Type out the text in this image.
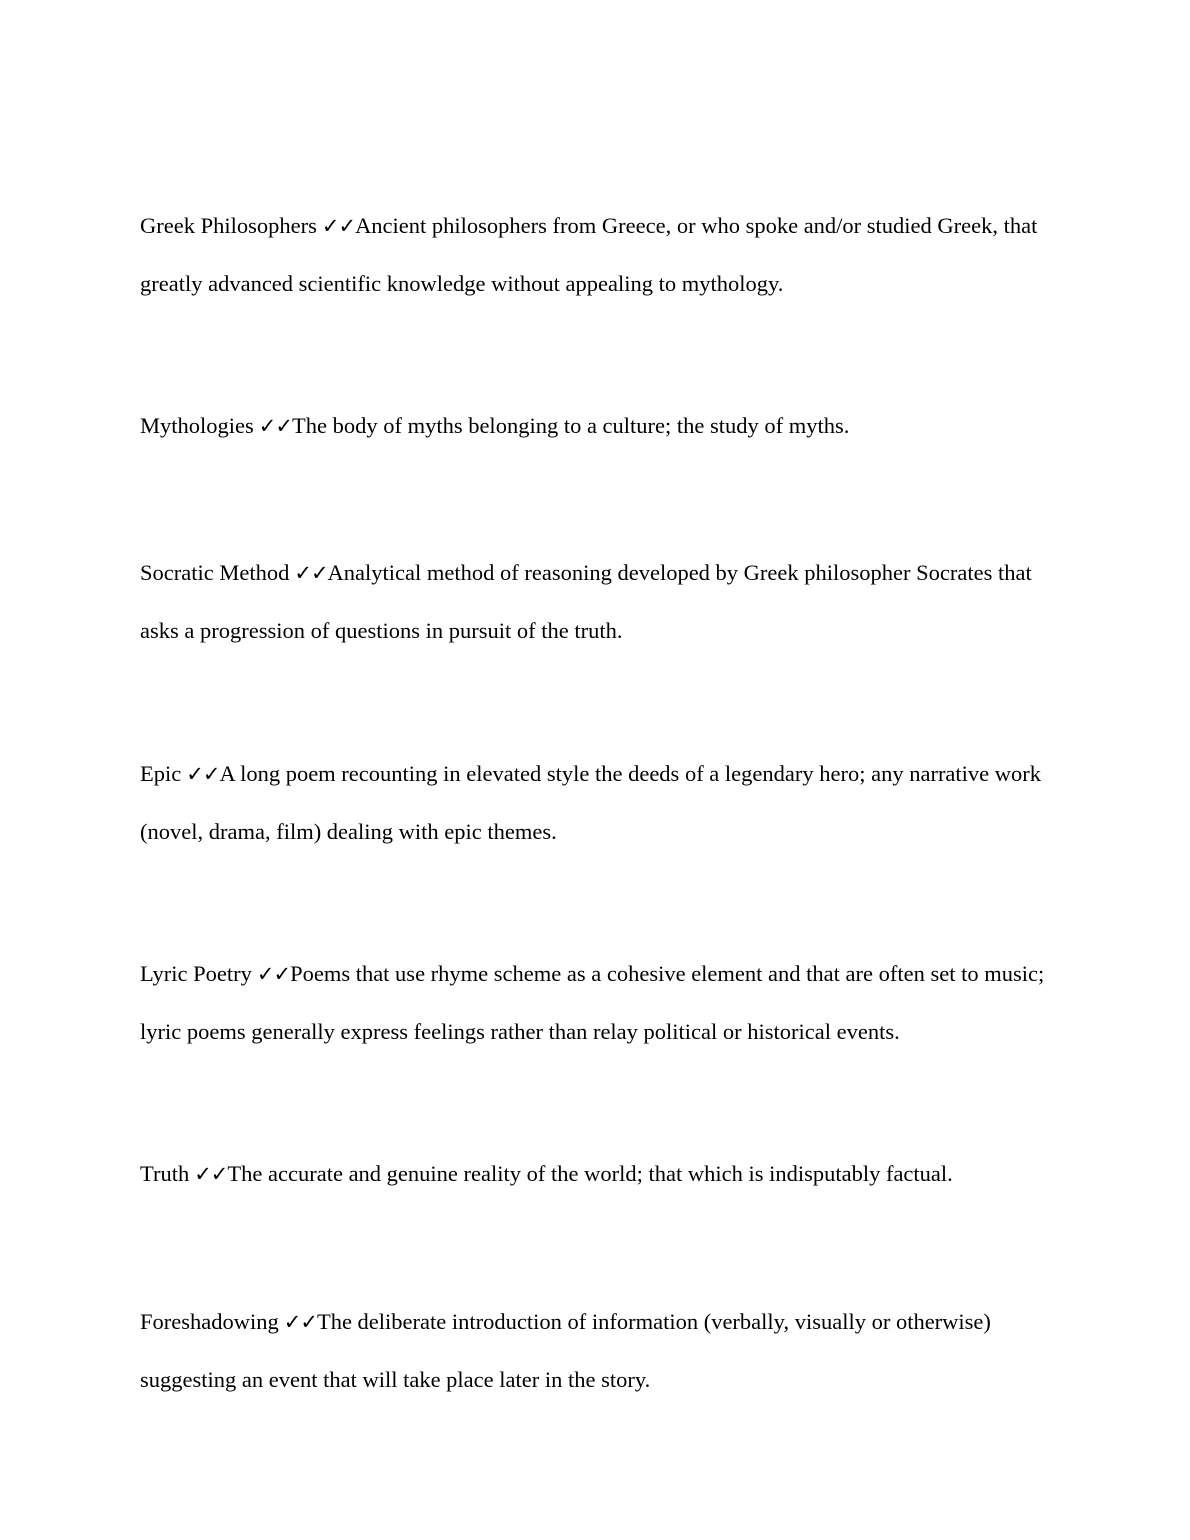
Greek Philosophers ✓✓Ancient philosophers from Greece, or who spoke and/or studied Greek, that greatly advanced scientific knowledge without appealing to mythology.

Mythologies ✓✓The body of myths belonging to a culture; the study of myths.

Socratic Method ✓✓Analytical method of reasoning developed by Greek philosopher Socrates that asks a progression of questions in pursuit of the truth.

Epic ✓✓A long poem recounting in elevated style the deeds of a legendary hero; any narrative work (novel, drama, film) dealing with epic themes.

Lyric Poetry ✓✓Poems that use rhyme scheme as a cohesive element and that are often set to music; lyric poems generally express feelings rather than relay political or historical events.

Truth ✓✓The accurate and genuine reality of the world; that which is indisputably factual.

Foreshadowing ✓✓The deliberate introduction of information (verbally, visually or otherwise) suggesting an event that will take place later in the story.
